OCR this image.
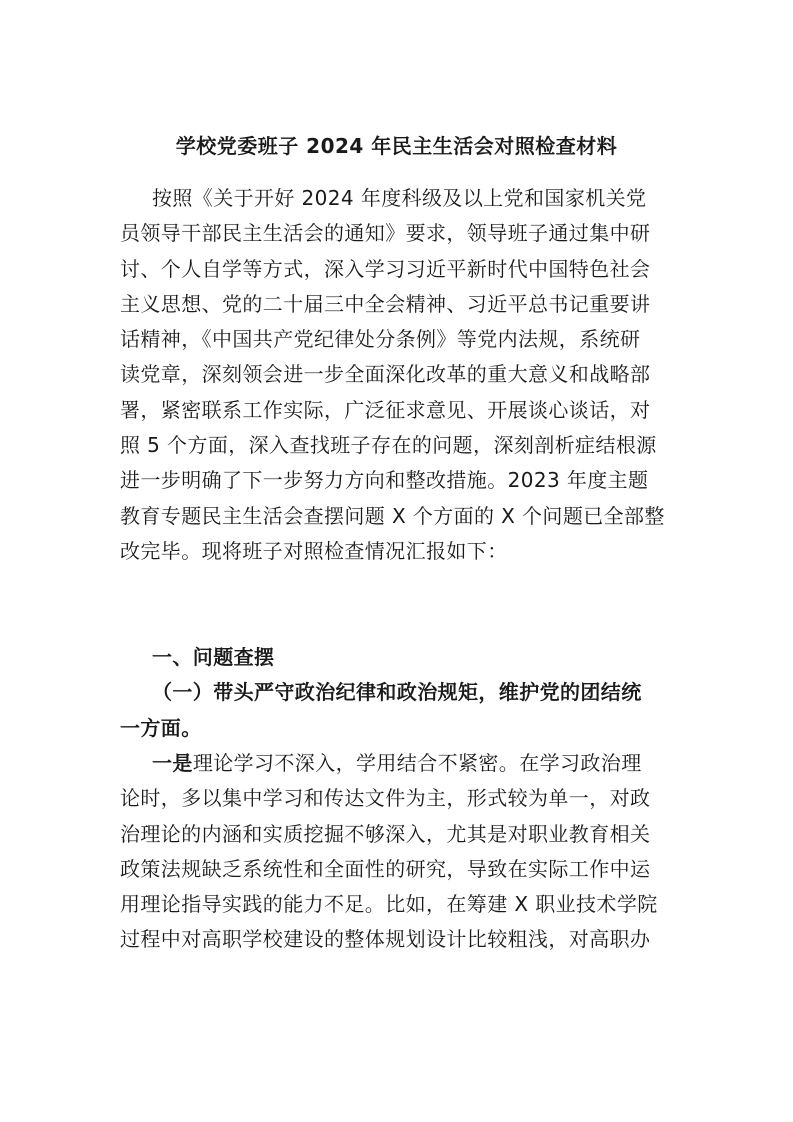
学校党委班子 2024 年民主生活会对照检查材料
按照《关于开好 2024 年度科级及以上党和国家机关党
员领导干部民主生活会的通知》要求，领导班子通过集中研
讨、个人自学等方式，深入学习习近平新时代中国特色社会
主义思想、党的二十届三中全会精神、习近平总书记重要讲
话精神，《中国共产党纪律处分条例》等党内法规，系统研
读党章，深刻领会进一步全面深化改革的重大意义和战略部
署，紧密联系工作实际，广泛征求意见、开展谈心谈话，对
照 5 个方面，深入查找班子存在的问题，深刻剖析症结根源
进一步明确了下一步努力方向和整改措施。2023 年度主题
教育专题民主生活会查摆问题 X 个方面的 X 个问题已全部整
改完毕。现将班子对照检查情况汇报如下：
一、问题查摆
（一）带头严守政治纪律和政治规矩，维护党的团结统
一方面。
一是理论学习不深入，学用结合不紧密。在学习政治理
论时，多以集中学习和传达文件为主，形式较为单一，对政
治理论的内涵和实质挖掘不够深入，尤其是对职业教育相关
政策法规缺乏系统性和全面性的研究，导致在实际工作中运
用理论指导实践的能力不足。比如，在筹建 X 职业技术学院
过程中对高职学校建设的整体规划设计比较粗浅，对高职办
